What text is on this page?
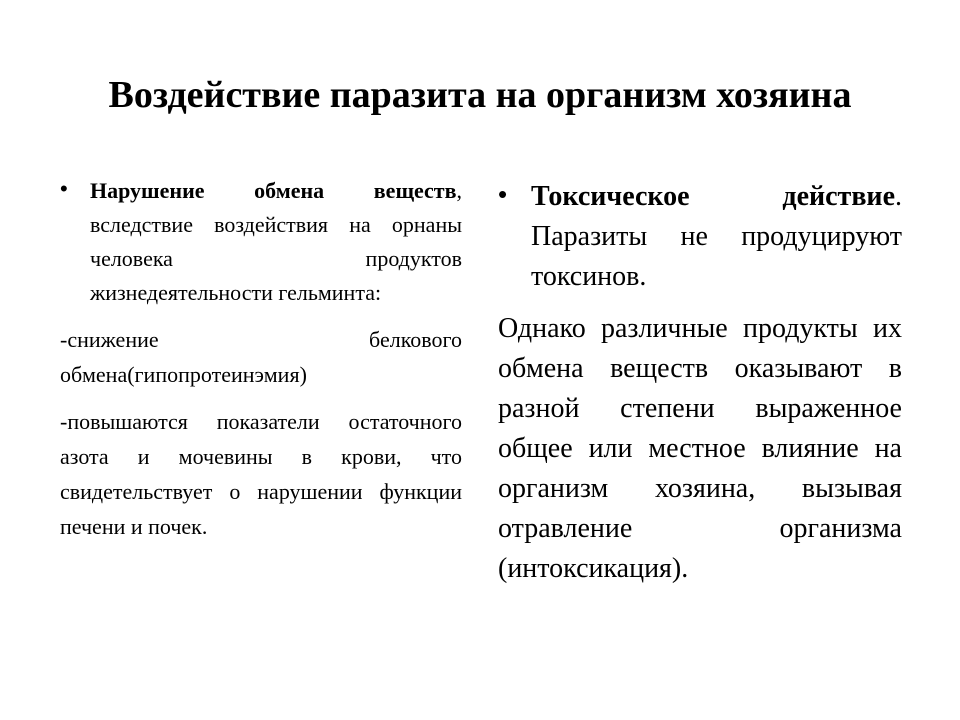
Воздействие паразита на организм хозяина
• Нарушение обмена веществ, вследствие воздействия на орнаны человека продуктов жизнедеятельности гельминта:

-снижение белкового обмена(гипопротеинэмия)

-повышаются показатели остаточного азота и мочевины в крови, что свидетельствует о нарушении функции печени и почек.

• Токсическое действие. Паразиты не продуцируют токсинов.

Однако различные продукты их обмена веществ оказывают в разной степени выраженное общее или местное влияние на организм хозяина, вызывая отравление организма (интоксикация).
